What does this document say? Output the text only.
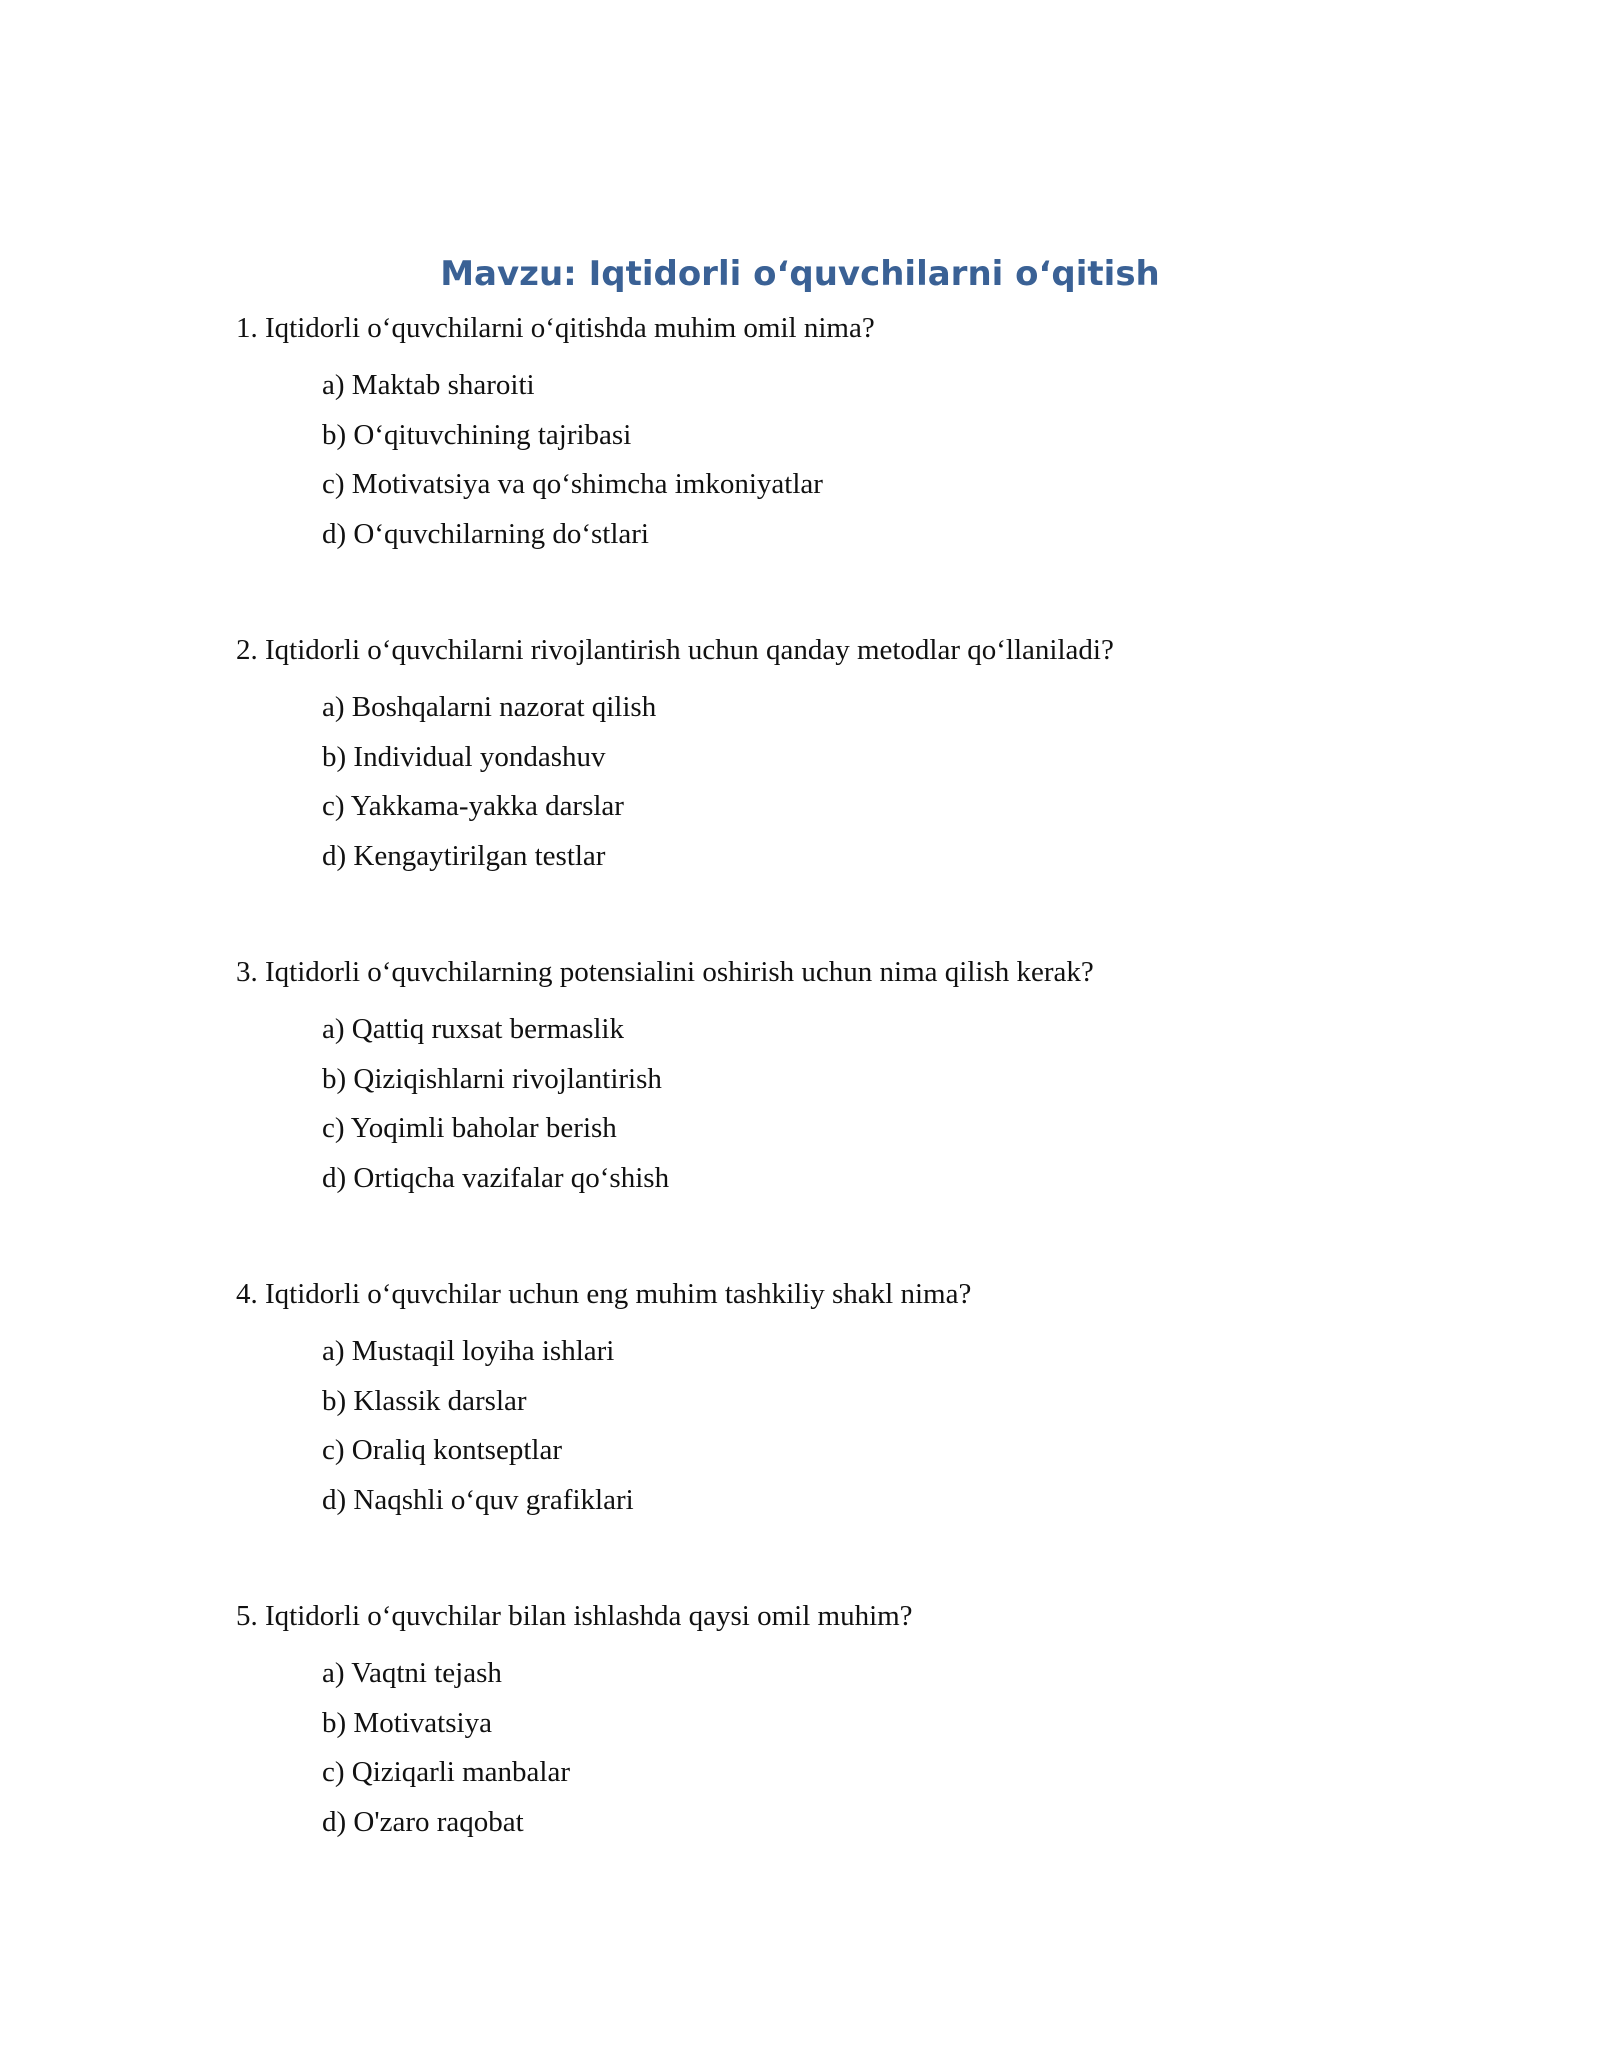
Mavzu: Iqtidorli o‘quvchilarni o‘qitish

1. Iqtidorli o‘quvchilarni o‘qitishda muhim omil nima?

a) Maktab sharoiti
b) O‘qituvchining tajribasi
c) Motivatsiya va qo‘shimcha imkoniyatlar
d) O‘quvchilarning do‘stlari

2. Iqtidorli o‘quvchilarni rivojlantirish uchun qanday metodlar qo‘llaniladi?

a) Boshqalarni nazorat qilish
b) Individual yondashuv
c) Yakkama-yakka darslar
d) Kengaytirilgan testlar

3. Iqtidorli o‘quvchilarning potensialini oshirish uchun nima qilish kerak?

a) Qattiq ruxsat bermaslik
b) Qiziqishlarni rivojlantirish
c) Yoqimli baholar berish
d) Ortiqcha vazifalar qo‘shish

4. Iqtidorli o‘quvchilar uchun eng muhim tashkiliy shakl nima?

a) Mustaqil loyiha ishlari
b) Klassik darslar
c) Oraliq kontseptlar
d) Naqshli o‘quv grafiklari

5. Iqtidorli o‘quvchilar bilan ishlashda qaysi omil muhim?

a) Vaqtni tejash
b) Motivatsiya
c) Qiziqarli manbalar
d) O'zaro raqobat
